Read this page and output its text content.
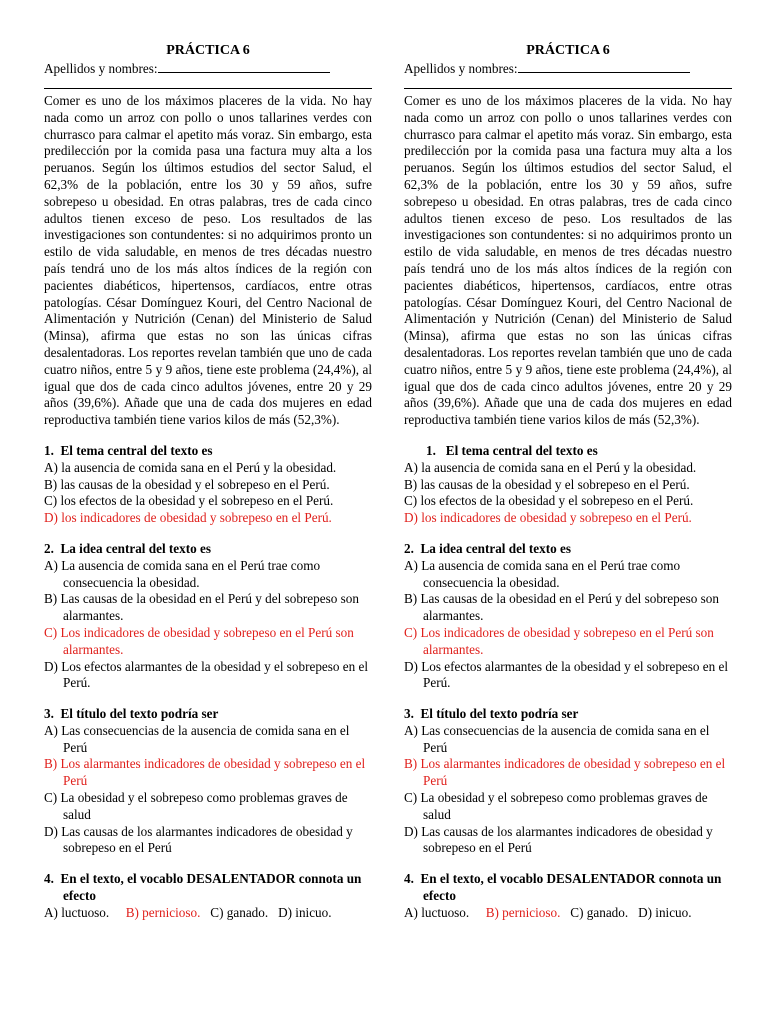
PRÁCTICA 6
Apellidos y nombres:

Comer es uno de los máximos placeres de la vida. No hay nada como un arroz con pollo o unos tallarines verdes con churrasco para calmar el apetito más voraz. Sin embargo, esta predilección por la comida pasa una factura muy alta a los peruanos. Según los últimos estudios del sector Salud, el 62,3% de la población, entre los 30 y 59 años, sufre sobrepeso u obesidad. En otras palabras, tres de cada cinco adultos tienen exceso de peso. Los resultados de las investigaciones son contundentes: si no adquirimos pronto un estilo de vida saludable, en menos de tres décadas nuestro país tendrá uno de los más altos índices de la región con pacientes diabéticos, hipertensos, cardíacos, entre otras patologías. César Domínguez Kouri, del Centro Nacional de Alimentación y Nutrición (Cenan) del Ministerio de Salud (Minsa), afirma que estas no son las únicas cifras desalentadoras. Los reportes revelan también que uno de cada cuatro niños, entre 5 y 9 años, tiene este problema (24,4%), al igual que dos de cada cinco adultos jóvenes, entre 20 y 29 años (39,6%). Añade que una de cada dos mujeres en edad reproductiva también tiene varios kilos de más (52,3%).

1. El tema central del texto es
A) la ausencia de comida sana en el Perú y la obesidad.
B) las causas de la obesidad y el sobrepeso en el Perú.
C) los efectos de la obesidad y el sobrepeso en el Perú.
D) los indicadores de obesidad y sobrepeso en el Perú.
2. La idea central del texto es
A) La ausencia de comida sana en el Perú trae como consecuencia la obesidad.
B) Las causas de la obesidad en el Perú y del sobrepeso son alarmantes.
C) Los indicadores de obesidad y sobrepeso en el Perú son alarmantes.
D) Los efectos alarmantes de la obesidad y el sobrepeso en el Perú.
3. El título del texto podría ser
A) Las consecuencias de la ausencia de comida sana en el Perú
B) Los alarmantes indicadores de obesidad y sobrepeso en el Perú
C) La obesidad y el sobrepeso como problemas graves de salud
D) Las causas de los alarmantes indicadores de obesidad y sobrepeso en el Perú
4. En el texto, el vocablo DESALENTADOR connota un efecto
A) luctuoso. B) pernicioso. C) ganado. D) inicuo.
PRÁCTICA 6
Apellidos y nombres:

Comer es uno de los máximos placeres de la vida. No hay nada como un arroz con pollo o unos tallarines verdes con churrasco para calmar el apetito más voraz. Sin embargo, esta predilección por la comida pasa una factura muy alta a los peruanos. Según los últimos estudios del sector Salud, el 62,3% de la población, entre los 30 y 59 años, sufre sobrepeso u obesidad. En otras palabras, tres de cada cinco adultos tienen exceso de peso. Los resultados de las investigaciones son contundentes: si no adquirimos pronto un estilo de vida saludable, en menos de tres décadas nuestro país tendrá uno de los más altos índices de la región con pacientes diabéticos, hipertensos, cardíacos, entre otras patologías. César Domínguez Kouri, del Centro Nacional de Alimentación y Nutrición (Cenan) del Ministerio de Salud (Minsa), afirma que estas no son las únicas cifras desalentadoras. Los reportes revelan también que uno de cada cuatro niños, entre 5 y 9 años, tiene este problema (24,4%), al igual que dos de cada cinco adultos jóvenes, entre 20 y 29 años (39,6%). Añade que una de cada dos mujeres en edad reproductiva también tiene varios kilos de más (52,3%).

1. El tema central del texto es
A) la ausencia de comida sana en el Perú y la obesidad.
B) las causas de la obesidad y el sobrepeso en el Perú.
C) los efectos de la obesidad y el sobrepeso en el Perú.
D) los indicadores de obesidad y sobrepeso en el Perú.
2. La idea central del texto es
A) La ausencia de comida sana en el Perú trae como consecuencia la obesidad.
B) Las causas de la obesidad en el Perú y del sobrepeso son alarmantes.
C) Los indicadores de obesidad y sobrepeso en el Perú son alarmantes.
D) Los efectos alarmantes de la obesidad y el sobrepeso en el Perú.
3. El título del texto podría ser
A) Las consecuencias de la ausencia de comida sana en el Perú
B) Los alarmantes indicadores de obesidad y sobrepeso en el Perú
C) La obesidad y el sobrepeso como problemas graves de salud
D) Las causas de los alarmantes indicadores de obesidad y sobrepeso en el Perú
4. En el texto, el vocablo DESALENTADOR connota un efecto
A) luctuoso. B) pernicioso. C) ganado. D) inicuo.
